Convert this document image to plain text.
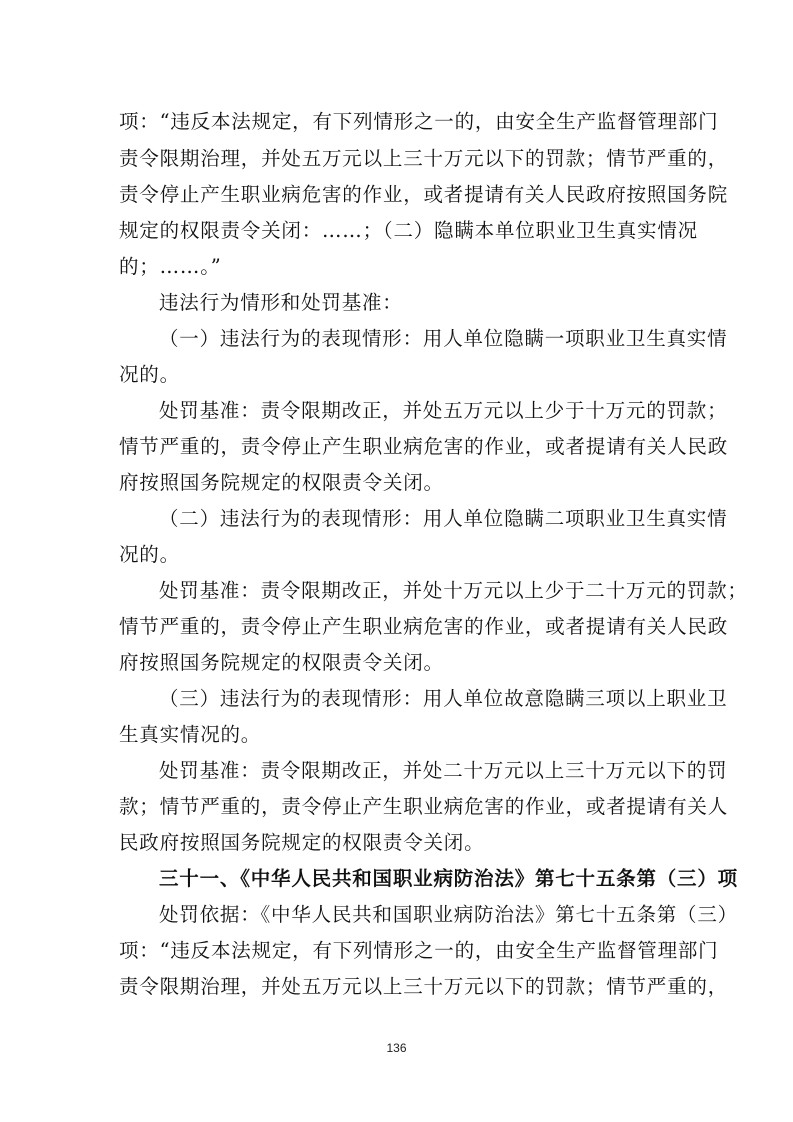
项：“违反本法规定，有下列情形之一的，由安全生产监督管理部门
责令限期治理，并处五万元以上三十万元以下的罚款；情节严重的，
责令停止产生职业病危害的作业，或者提请有关人民政府按照国务院
规定的权限责令关闭：……；（二）隐瞒本单位职业卫生真实情况
的；……。”
违法行为情形和处罚基准：
（一）违法行为的表现情形：用人单位隐瞒一项职业卫生真实情
况的。
处罚基准：责令限期改正，并处五万元以上少于十万元的罚款；
情节严重的，责令停止产生职业病危害的作业，或者提请有关人民政
府按照国务院规定的权限责令关闭。
（二）违法行为的表现情形：用人单位隐瞒二项职业卫生真实情
况的。
处罚基准：责令限期改正，并处十万元以上少于二十万元的罚款；
情节严重的，责令停止产生职业病危害的作业，或者提请有关人民政
府按照国务院规定的权限责令关闭。
（三）违法行为的表现情形：用人单位故意隐瞒三项以上职业卫
生真实情况的。
处罚基准：责令限期改正，并处二十万元以上三十万元以下的罚
款；情节严重的，责令停止产生职业病危害的作业，或者提请有关人
民政府按照国务院规定的权限责令关闭。
三十一、《中华人民共和国职业病防治法》第七十五条第（三）项
处罚依据：《中华人民共和国职业病防治法》第七十五条第（三）
项：“违反本法规定，有下列情形之一的，由安全生产监督管理部门
责令限期治理，并处五万元以上三十万元以下的罚款；情节严重的，
136
